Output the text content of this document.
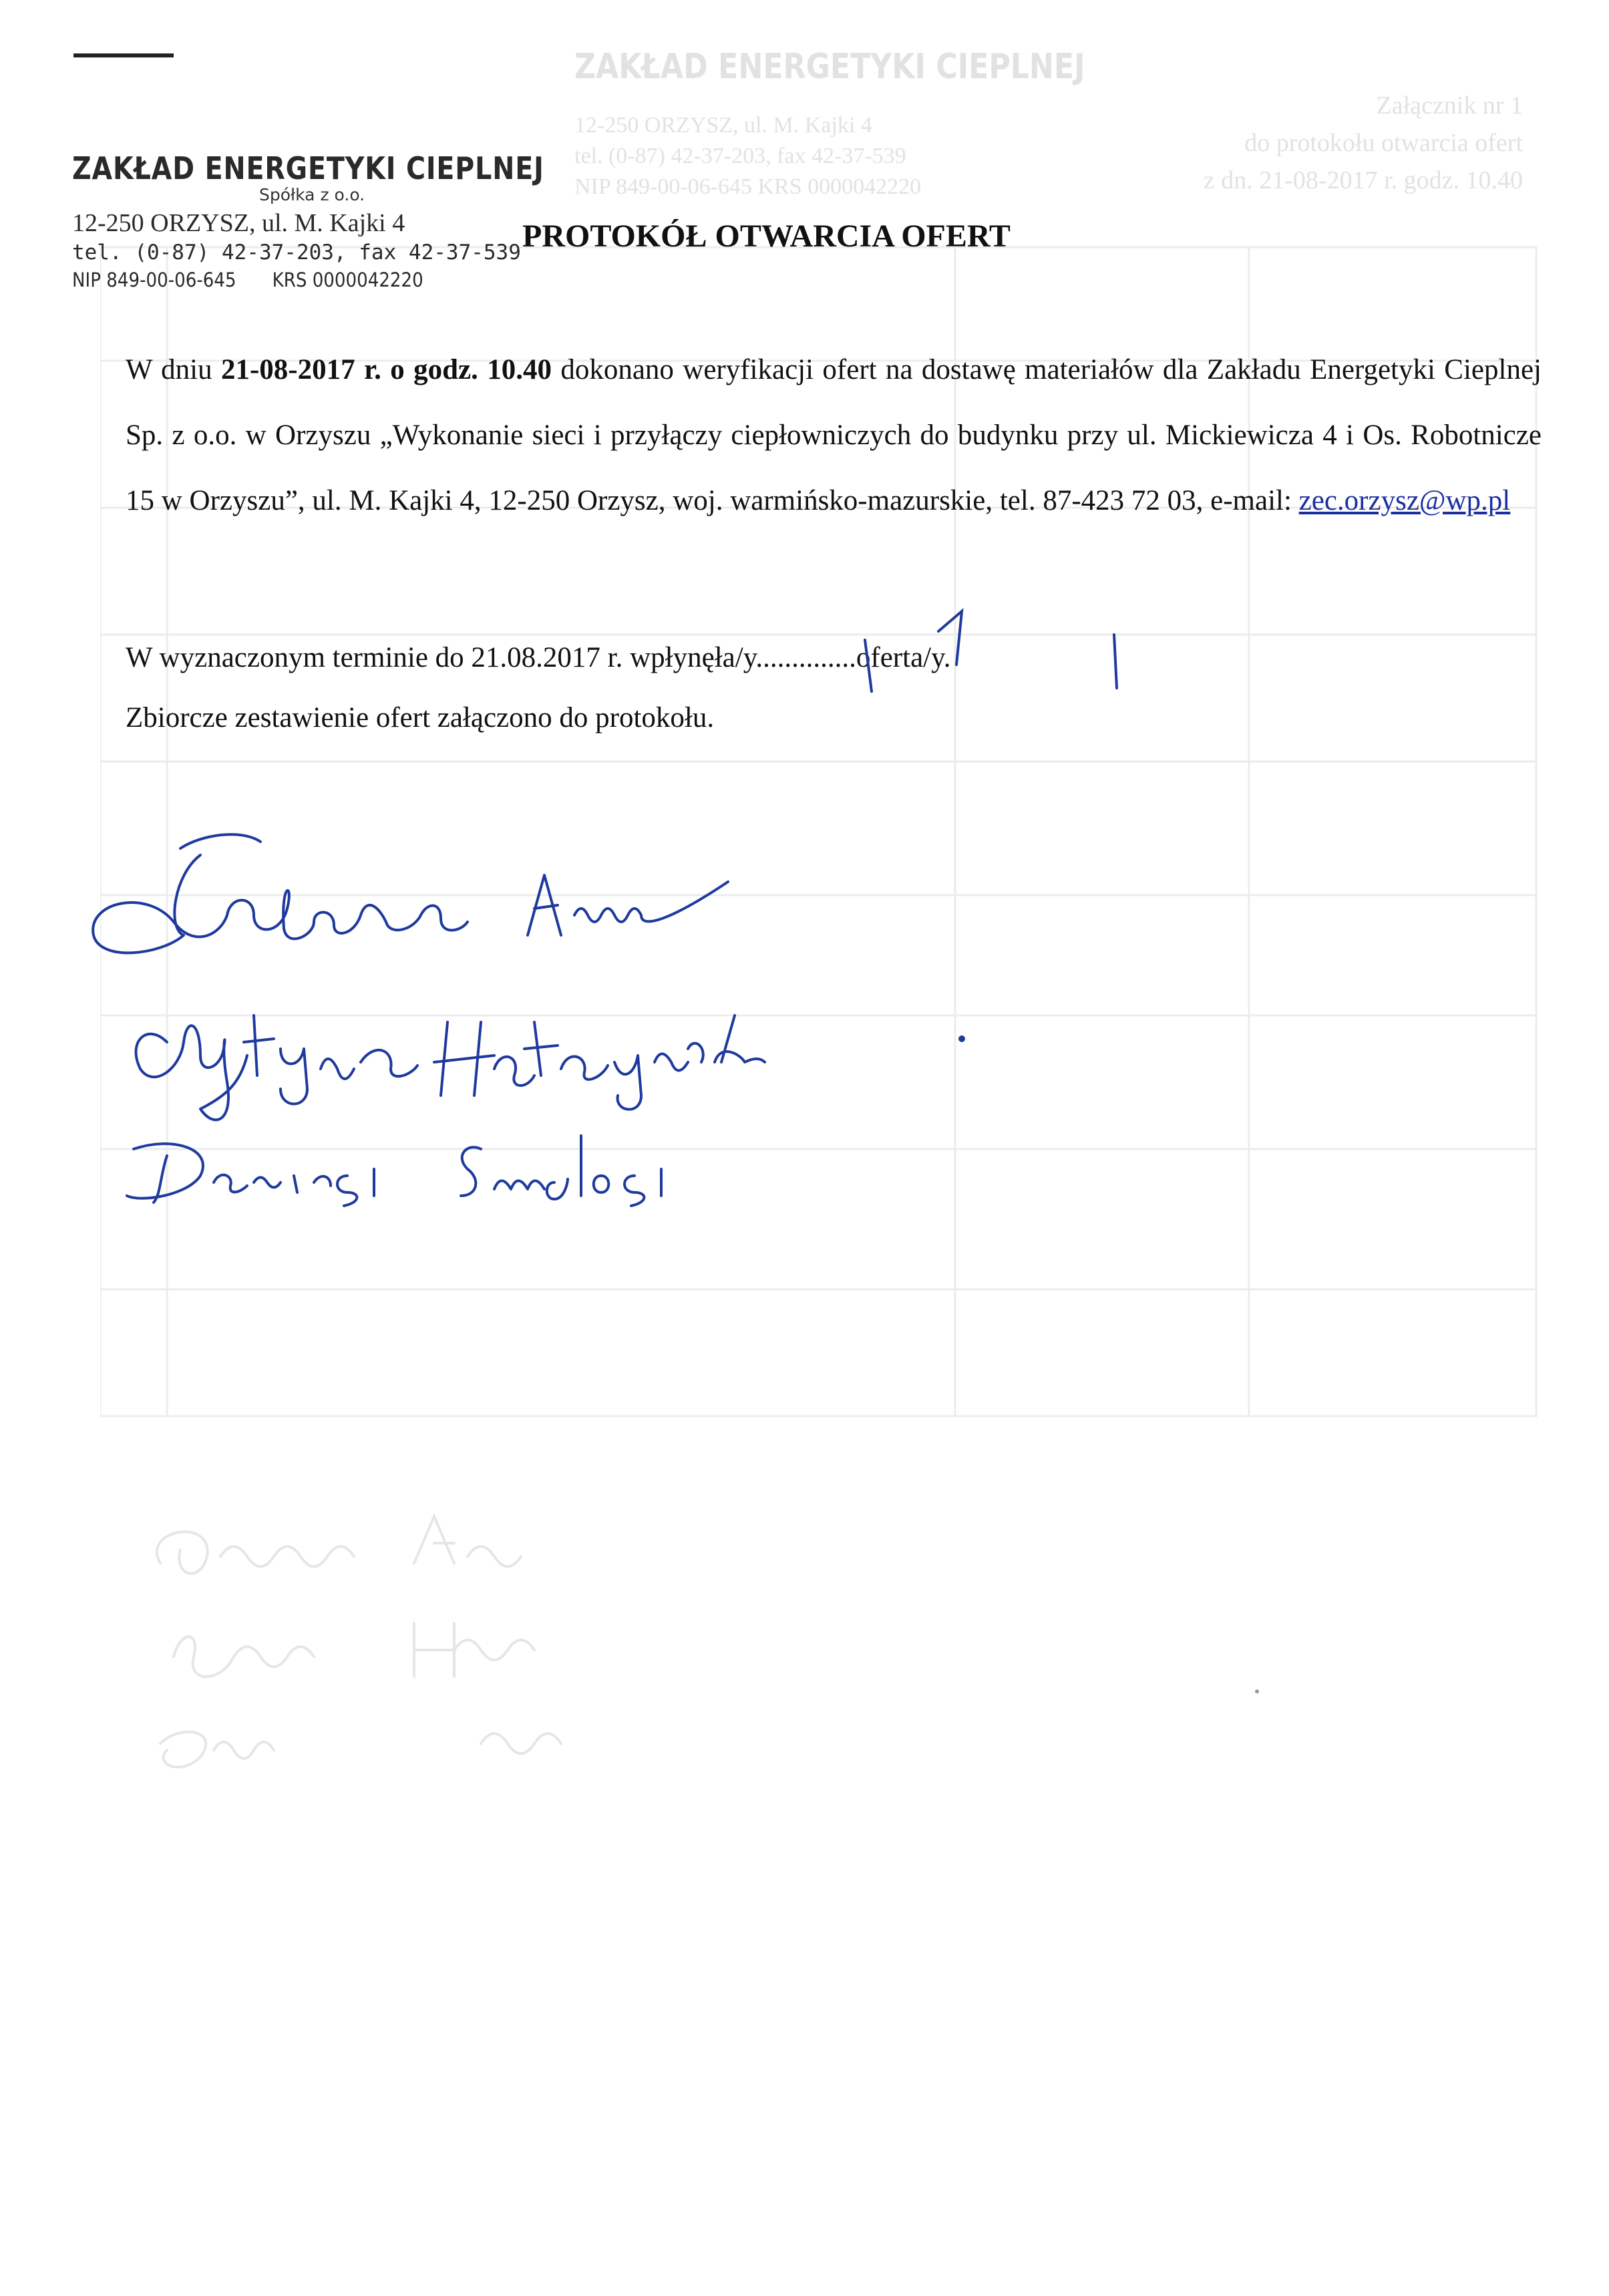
ZAKŁAD ENERGETYKI CIEPLNEJ
12-250 ORZYSZ, ul. M. Kajki 4
tel. (0-87) 42-37-203, fax 42-37-539
NIP 849-00-06-645 KRS 0000042220
Załącznik nr 1
do protokołu otwarcia ofert
z dn. 21-08-2017 r. godz. 10.40
ZAKŁAD ENERGETYKI CIEPLNEJ
Spółka z o.o.
12-250 ORZYSZ, ul. M. Kajki 4
tel. (0-87) 42-37-203, fax 42-37-539
NIP 849-00-06-645 KRS 0000042220
PROTOKÓŁ OTWARCIA OFERT
W dniu 21-08-2017 r. o godz. 10.40 dokonano weryfikacji ofert na dostawę materiałów dla Zakładu Energetyki Cieplnej Sp. z o.o. w Orzyszu „Wykonanie sieci i przyłączy ciepłowniczych do budynku przy ul. Mickiewicza 4 i Os. Robotnicze 15 w Orzyszu”, ul. M. Kajki 4, 12-250 Orzysz, woj. warmińsko-mazurskie, tel. 87-423 72 03, e-mail: zec.orzysz@wp.pl
W wyznaczonym terminie do 21.08.2017 r. wpłynęła/y..............oferta/y.
Zbiorcze zestawienie ofert załączono do protokołu.
